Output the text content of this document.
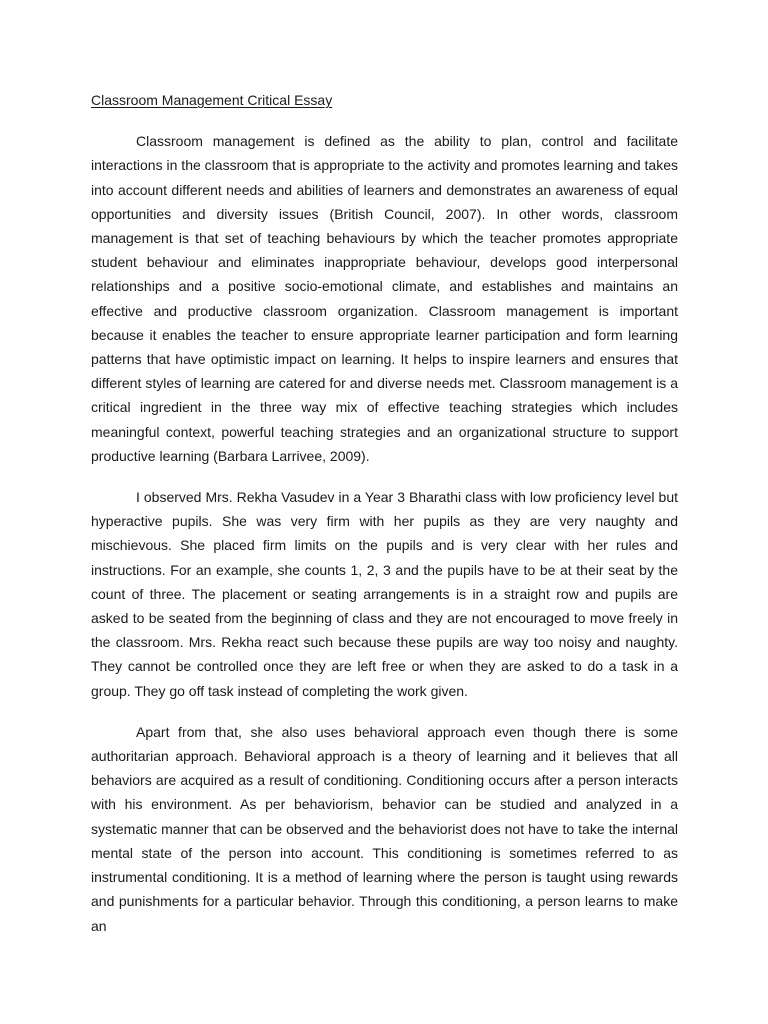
Classroom Management Critical Essay

Classroom management is defined as the ability to plan, control and facilitate interactions in the classroom that is appropriate to the activity and promotes learning and takes into account different needs and abilities of learners and demonstrates an awareness of equal opportunities and diversity issues (British Council, 2007). In other words, classroom management is that set of teaching behaviours by which the teacher promotes appropriate student behaviour and eliminates inappropriate behaviour, develops good interpersonal relationships and a positive socio-emotional climate, and establishes and maintains an effective and productive classroom organization. Classroom management is important because it enables the teacher to ensure appropriate learner participation and form learning patterns that have optimistic impact on learning. It helps to inspire learners and ensures that different styles of learning are catered for and diverse needs met. Classroom management is a critical ingredient in the three way mix of effective teaching strategies which includes meaningful context, powerful teaching strategies and an organizational structure to support productive learning (Barbara Larrivee, 2009).

I observed Mrs. Rekha Vasudev in a Year 3 Bharathi class with low proficiency level but hyperactive pupils. She was very firm with her pupils as they are very naughty and mischievous. She placed firm limits on the pupils and is very clear with her rules and instructions. For an example, she counts 1, 2, 3 and the pupils have to be at their seat by the count of three. The placement or seating arrangements is in a straight row and pupils are asked to be seated from the beginning of class and they are not encouraged to move freely in the classroom. Mrs. Rekha react such because these pupils are way too noisy and naughty. They cannot be controlled once they are left free or when they are asked to do a task in a group. They go off task instead of completing the work given.

Apart from that, she also uses behavioral approach even though there is some authoritarian approach. Behavioral approach is a theory of learning and it believes that all behaviors are acquired as a result of conditioning. Conditioning occurs after a person interacts with his environment. As per behaviorism, behavior can be studied and analyzed in a systematic manner that can be observed and the behaviorist does not have to take the internal mental state of the person into account. This conditioning is sometimes referred to as instrumental conditioning. It is a method of learning where the person is taught using rewards and punishments for a particular behavior. Through this conditioning, a person learns to make an
